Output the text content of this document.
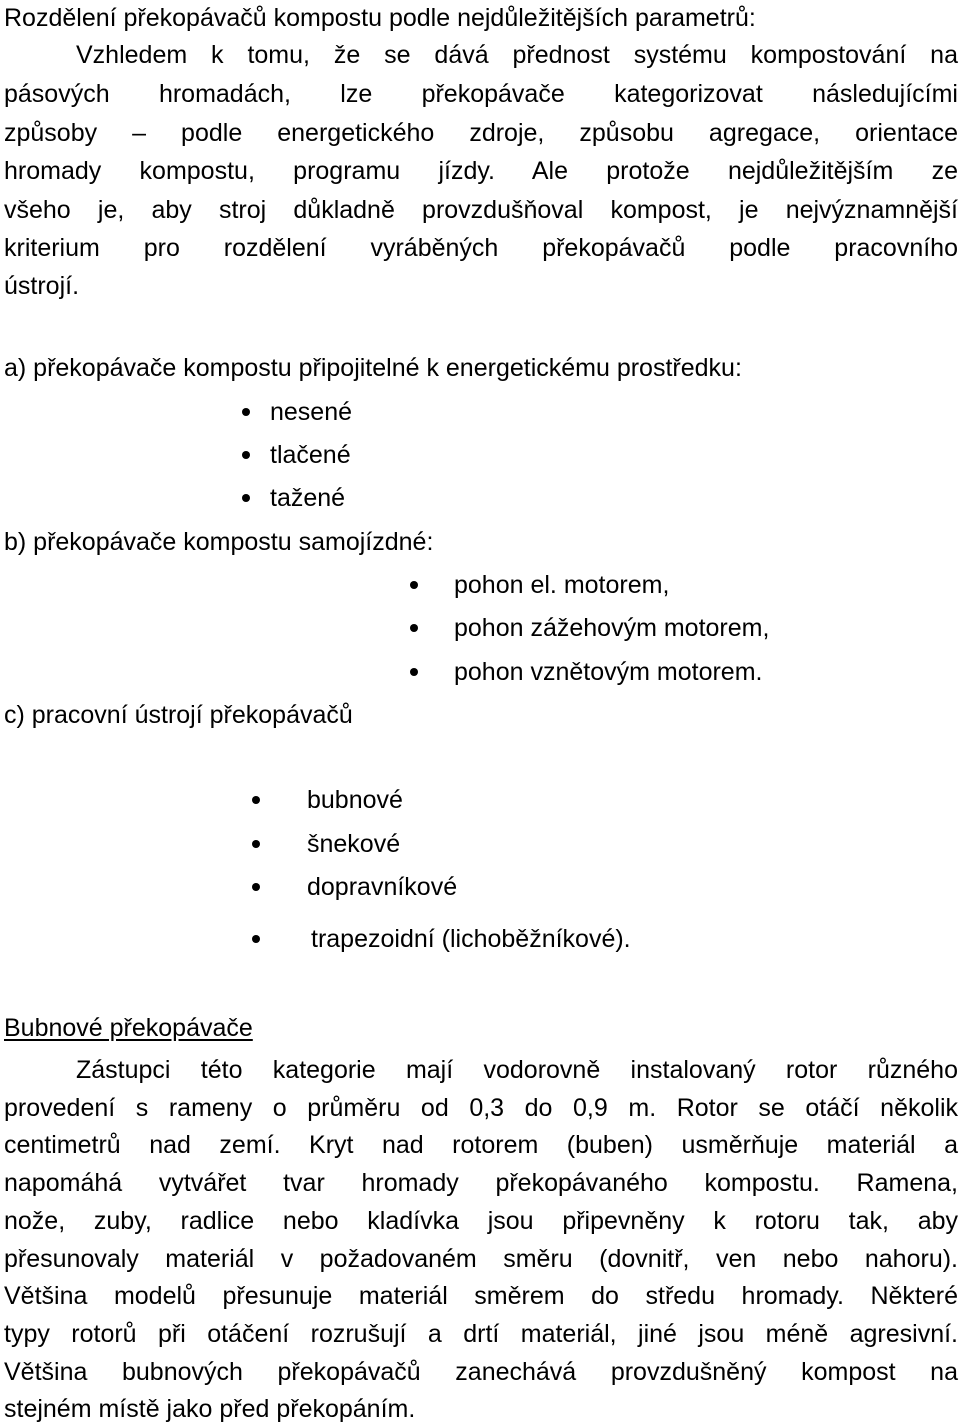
Rozdělení překopávačů kompostu podle nejdůležitějších parametrů:
Vzhledem k tomu, že se dává přednost systému kompostování na
pásových hromadách, lze překopávače kategorizovat následujícími
způsoby – podle energetického zdroje, způsobu agregace, orientace
hromady kompostu, programu jízdy. Ale protože nejdůležitějším ze
všeho je, aby stroj důkladně provzdušňoval kompost, je nejvýznamnější
kriterium pro rozdělení vyráběných překopávačů podle pracovního
ústrojí.
a) překopávače kompostu připojitelné k energetickému prostředku:
nesené
tlačené
tažené
b) překopávače kompostu samojízdné:
pohon el. motorem,
pohon zážehovým motorem,
pohon vznětovým motorem.
c) pracovní ústrojí překopávačů
bubnové
šnekové
dopravníkové
trapezoidní (lichoběžníkové).
Bubnové překopávače
Zástupci této kategorie mají vodorovně instalovaný rotor různého
provedení s rameny o průměru od 0,3 do 0,9 m. Rotor se otáčí několik
centimetrů nad zemí. Kryt nad rotorem (buben) usměrňuje materiál a
napomáhá vytvářet tvar hromady překopávaného kompostu. Ramena,
nože, zuby, radlice nebo kladívka jsou připevněny k rotoru tak, aby
přesunovaly materiál v požadovaném směru (dovnitř, ven nebo nahoru).
Většina modelů přesunuje materiál směrem do středu hromady. Některé
typy rotorů při otáčení rozrušují a drtí materiál, jiné jsou méně agresivní.
Většina bubnových překopávačů zanechává provzdušněný kompost na
stejném místě jako před překopáním.
